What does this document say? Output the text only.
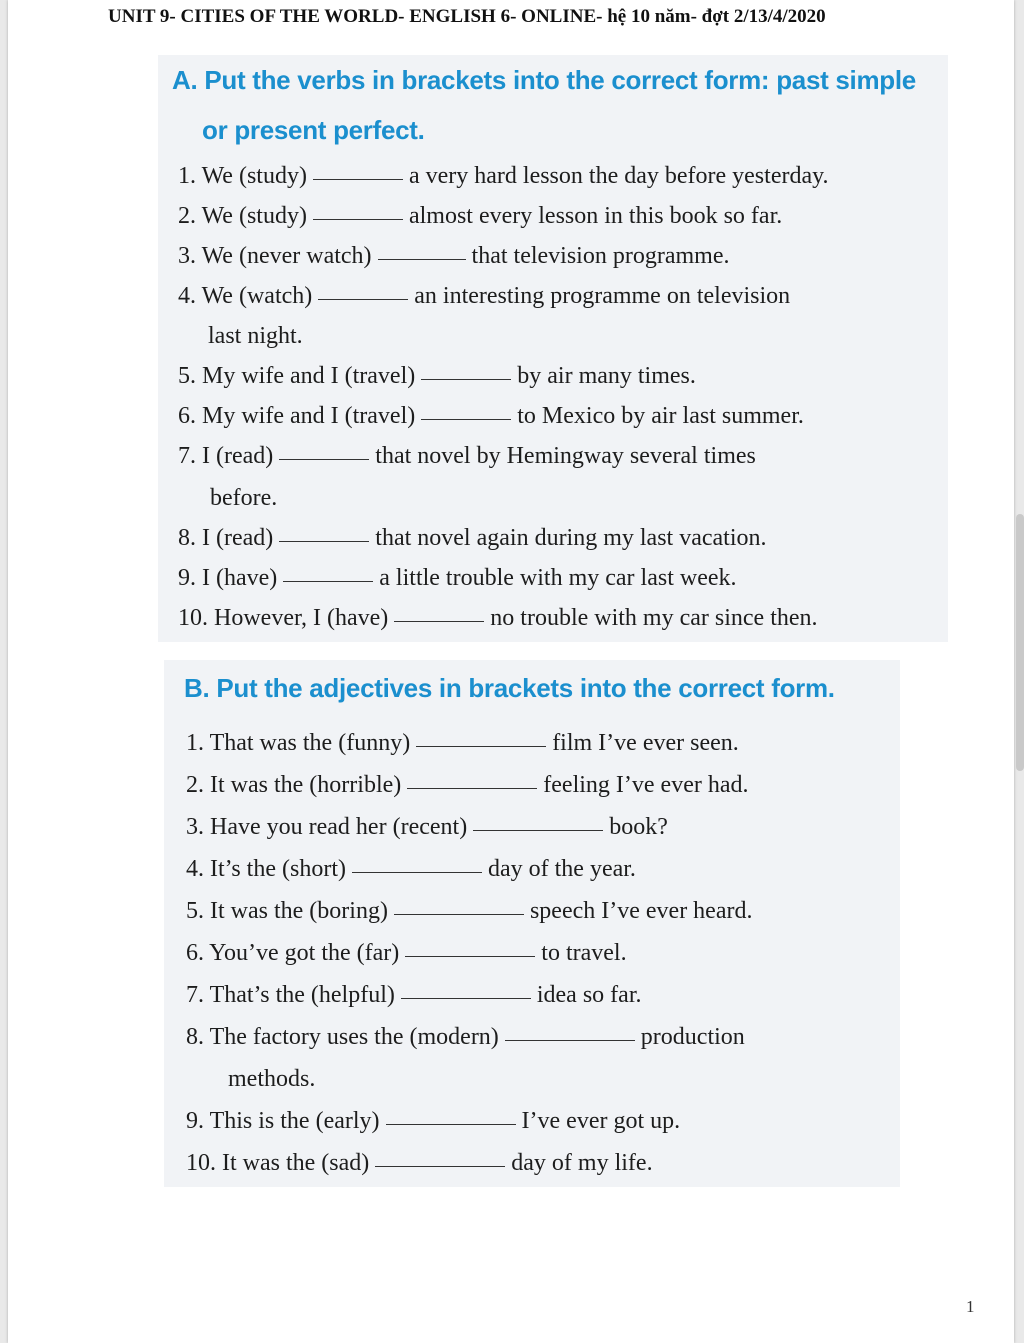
UNIT 9- CITIES OF THE WORLD- ENGLISH 6- ONLINE- hệ 10 năm- đợt 2/13/4/2020
A. Put the verbs in brackets into the correct form: past simple
or present perfect.
1. We (study)	a very hard lesson the day before yesterday.
2. We (study)	almost every lesson in this book so far.
3. We (never watch)	that television programme.
4. We (watch)	an interesting programme on television
last night.
5. My wife and I (travel)	by air many times.
6. My wife and I (travel)	to Mexico by air last summer.
7. I (read)	that novel by Hemingway several times
before.
8. I (read)	that novel again during my last vacation.
9. I (have)	a little trouble with my car last week.
10. However, I (have)	no trouble with my car since then.
B. Put the adjectives in brackets into the correct form.
1. That was the (funny)	film I’ve ever seen.
2. It was the (horrible)	feeling I’ve ever had.
3. Have you read her (recent)	book?
4. It’s the (short)	day of the year.
5. It was the (boring)	speech I’ve ever heard.
6. You’ve got the (far)	to travel.
7. That’s the (helpful)	idea so far.
8. The factory uses the (modern)	production
methods.
9. This is the (early)	I’ve ever got up.
10. It was the (sad)	day of my life.
1
